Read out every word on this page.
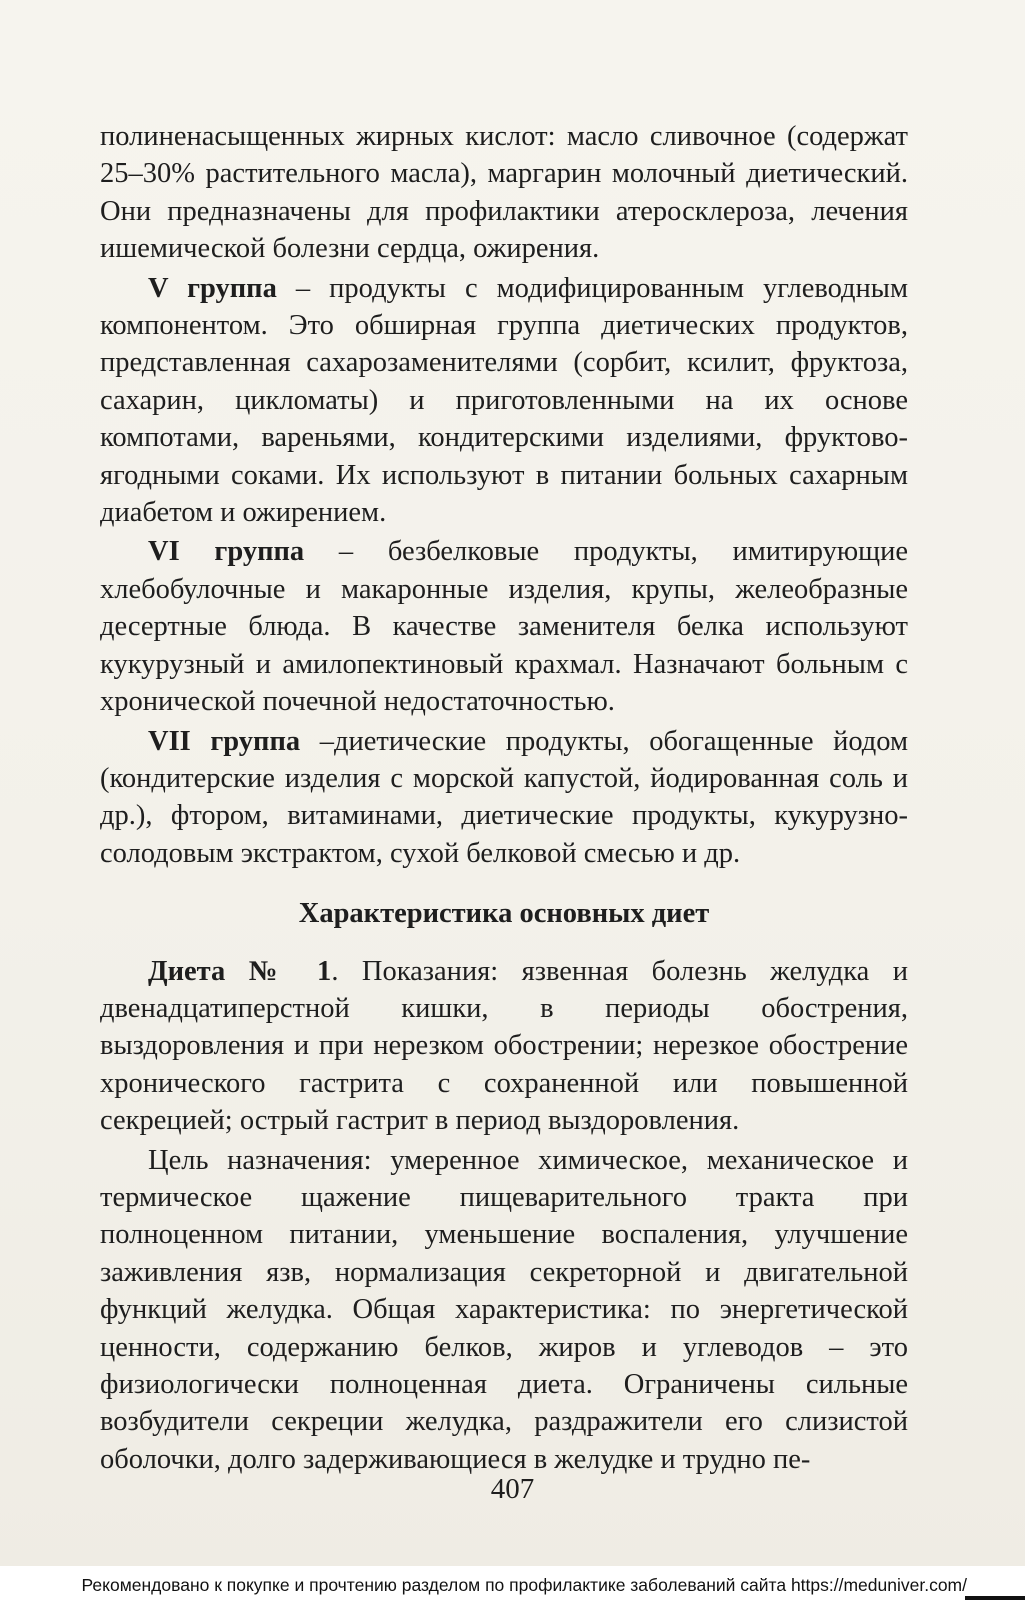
полиненасыщенных жирных кислот: масло сливочное (содержат 25–30% растительного масла), маргарин молочный диетический. Они предназначены для профилактики атеросклероза, лечения ишемической болезни сердца, ожирения.

V группа – продукты с модифицированным углеводным компонентом. Это обширная группа диетических продуктов, представленная сахарозаменителями (сорбит, ксилит, фруктоза, сахарин, цикломаты) и приготовленными на их основе компотами, вареньями, кондитерскими изделиями, фруктово-ягодными соками. Их используют в питании больных сахарным диабетом и ожирением.

VI группа – безбелковые продукты, имитирующие хлебобулочные и макаронные изделия, крупы, желеобразные десертные блюда. В качестве заменителя белка используют кукурузный и амилопектиновый крахмал. Назначают больным с хронической почечной недостаточностью.

VII группа –диетические продукты, обогащенные йодом (кондитерские изделия с морской капустой, йодированная соль и др.), фтором, витаминами, диетические продукты, кукурузно-солодовым экстрактом, сухой белковой смесью и др.

Характеристика основных диет

Диета № 1. Показания: язвенная болезнь желудка и двенадцатиперстной кишки, в периоды обострения, выздоровления и при нерезком обострении; нерезкое обострение хронического гастрита с сохраненной или повышенной секрецией; острый гастрит в период выздоровления.

Цель назначения: умеренное химическое, механическое и термическое щажение пищеварительного тракта при полноценном питании, уменьшение воспаления, улучшение заживления язв, нормализация секреторной и двигательной функций желудка. Общая характеристика: по энергетической ценности, содержанию белков, жиров и углеводов – это физиологически полноценная диета. Ограничены сильные возбудители секреции желудка, раздражители его слизистой оболочки, долго задерживающиеся в желудке и трудно пе-

407
Рекомендовано к покупке и прочтению разделом по профилактике заболеваний сайта https://meduniver.com/
